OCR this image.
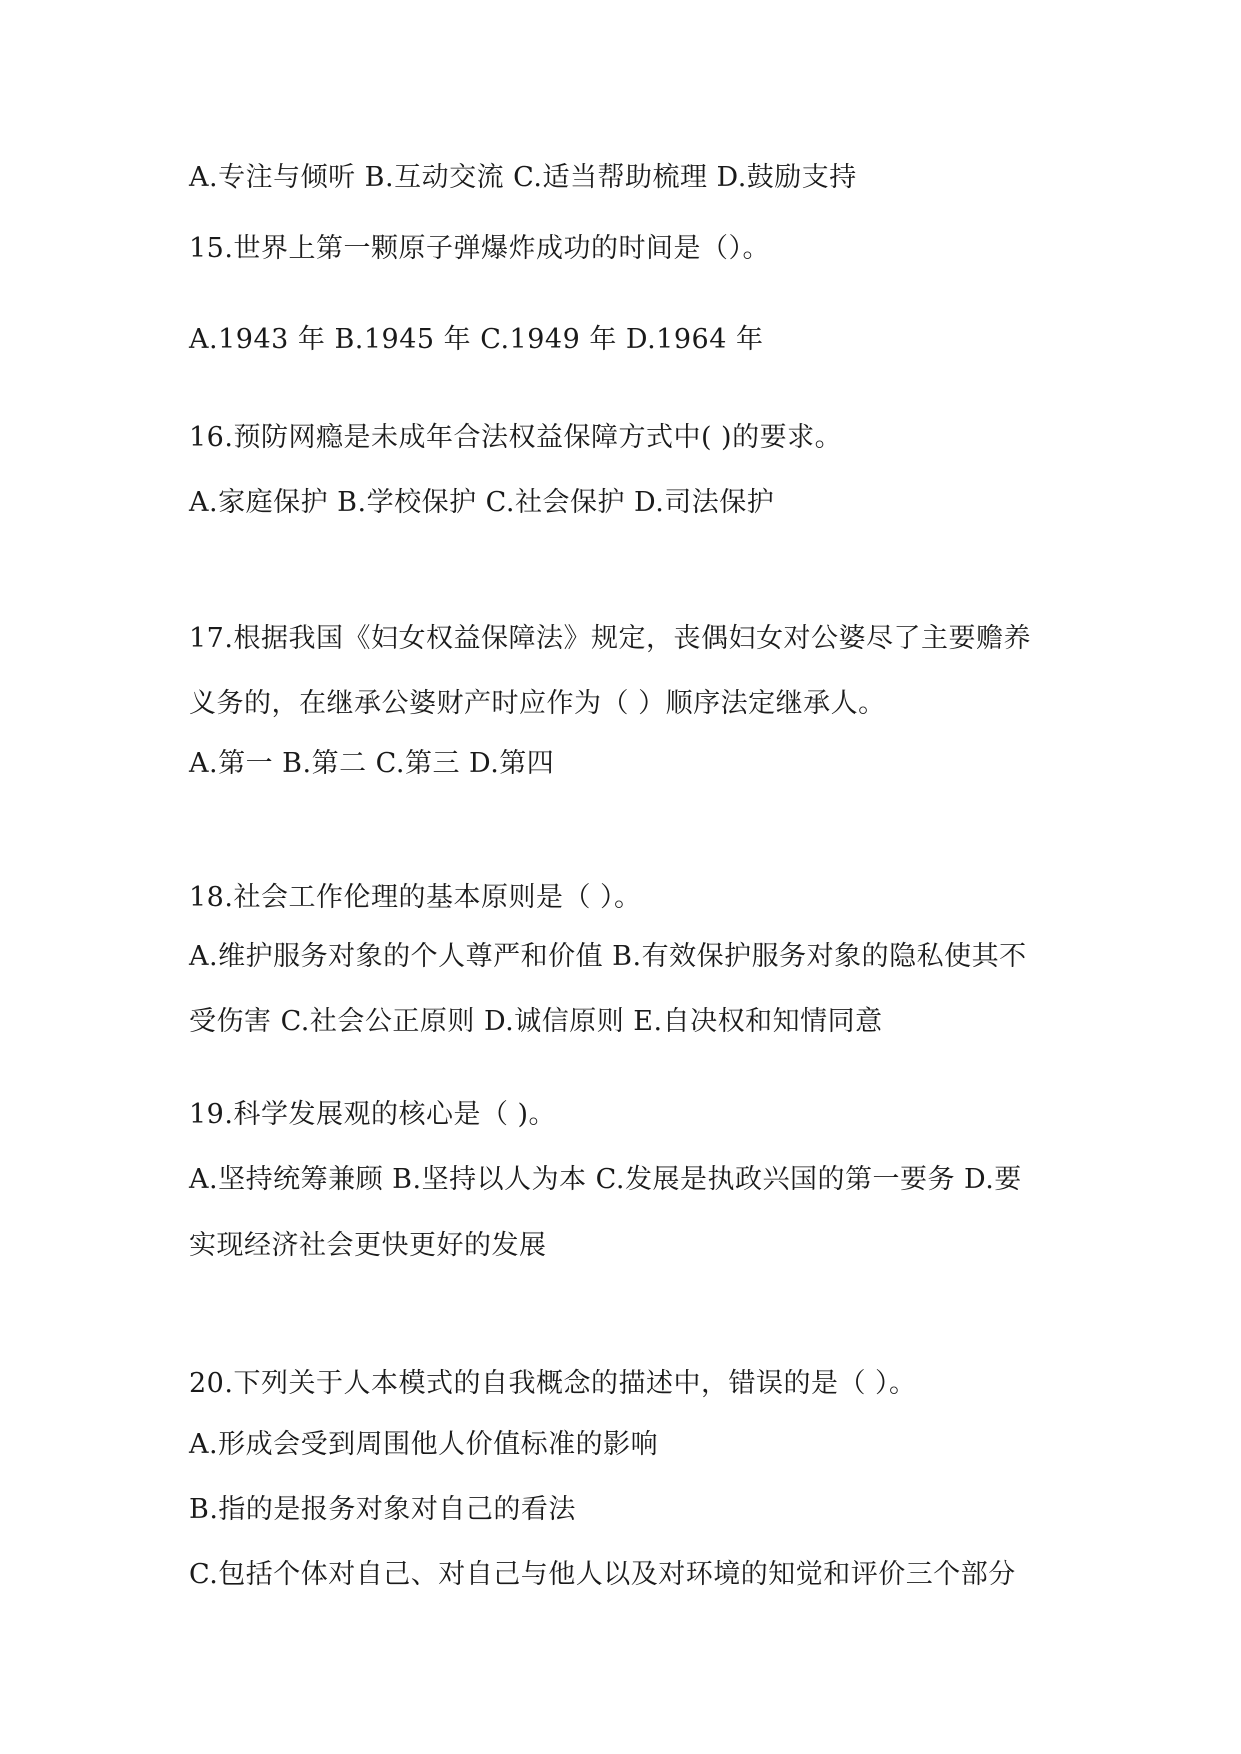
A.专注与倾听 B.互动交流 C.适当帮助梳理 D.鼓励支持
15.世界上第一颗原子弹爆炸成功的时间是（）。
A.1943 年 B.1945 年 C.1949 年 D.1964 年
16.预防网瘾是未成年合法权益保障方式中( )的要求。
A.家庭保护 B.学校保护 C.社会保护 D.司法保护
17.根据我国《妇女权益保障法》规定，丧偶妇女对公婆尽了主要赡养
义务的，在继承公婆财产时应作为（ ）顺序法定继承人。
A.第一 B.第二 C.第三 D.第四
18.社会工作伦理的基本原则是（ ）。
A.维护服务对象的个人尊严和价值 B.有效保护服务对象的隐私使其不
受伤害 C.社会公正原则 D.诚信原则 E.自决权和知情同意
19.科学发展观的核心是（ )。
A.坚持统筹兼顾 B.坚持以人为本 C.发展是执政兴国的第一要务 D.要
实现经济社会更快更好的发展
20.下列关于人本模式的自我概念的描述中，错误的是（ ）。
A.形成会受到周围他人价值标准的影响
B.指的是报务对象对自己的看法
C.包括个体对自己、对自己与他人以及对环境的知觉和评价三个部分
